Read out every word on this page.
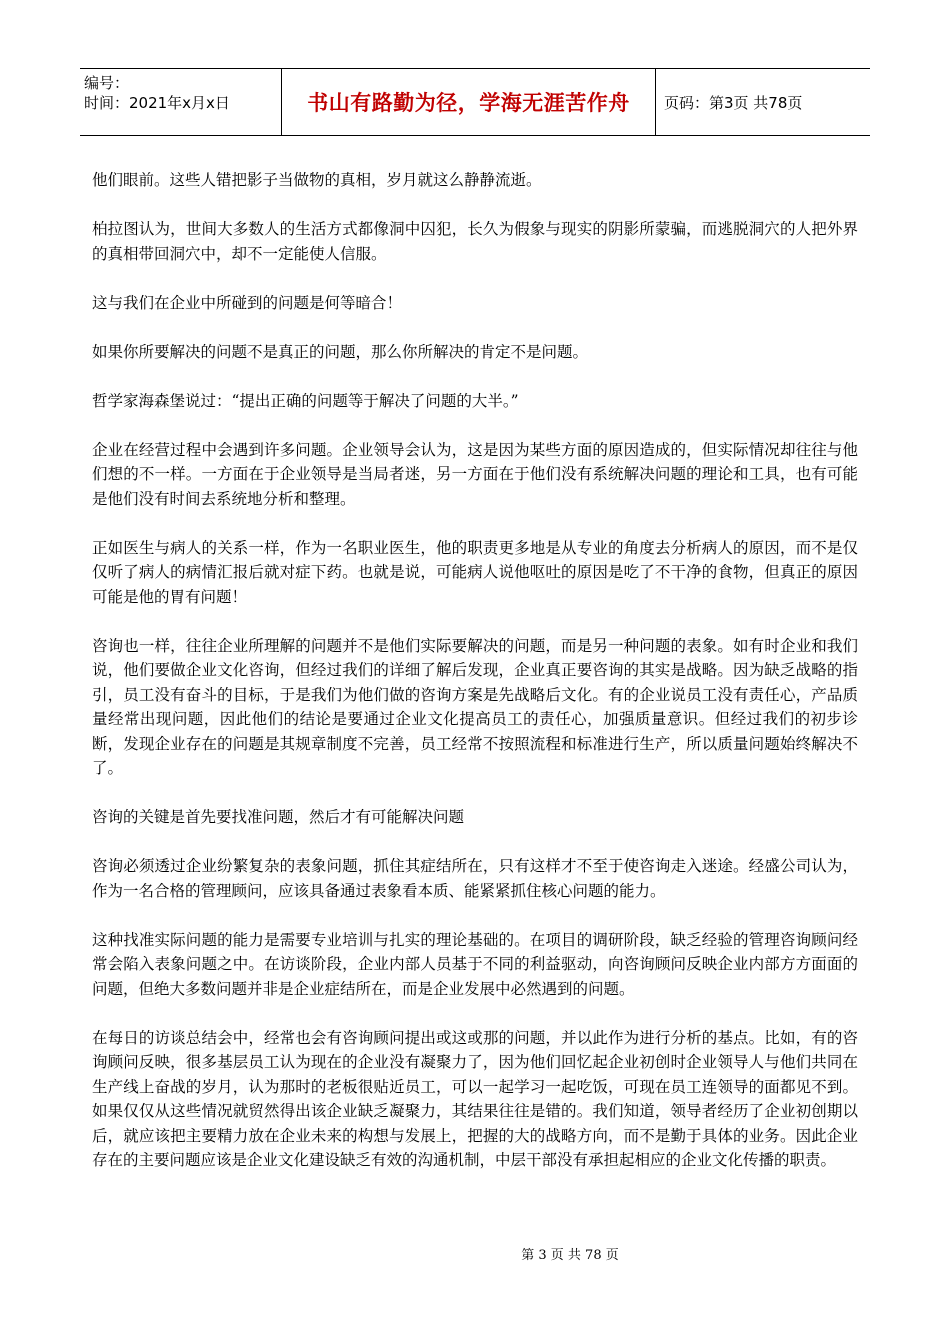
编号：
时间：2021年x月x日	书山有路勤为径，学海无涯苦作舟	页码：第3页 共78页

他们眼前。这些人错把影子当做物的真相，岁月就这么静静流逝。

柏拉图认为，世间大多数人的生活方式都像洞中囚犯，长久为假象与现实的阴影所蒙骗，而逃脱洞穴的人把外界的真相带回洞穴中，却不一定能使人信服。

这与我们在企业中所碰到的问题是何等暗合！

如果你所要解决的问题不是真正的问题，那么你所解决的肯定不是问题。

哲学家海森堡说过：“提出正确的问题等于解决了问题的大半。”

企业在经营过程中会遇到许多问题。企业领导会认为，这是因为某些方面的原因造成的，但实际情况却往往与他们想的不一样。一方面在于企业领导是当局者迷，另一方面在于他们没有系统解决问题的理论和工具，也有可能是他们没有时间去系统地分析和整理。

正如医生与病人的关系一样，作为一名职业医生，他的职责更多地是从专业的角度去分析病人的原因，而不是仅仅听了病人的病情汇报后就对症下药。也就是说，可能病人说他呕吐的原因是吃了不干净的食物，但真正的原因可能是他的胃有问题！

咨询也一样，往往企业所理解的问题并不是他们实际要解决的问题，而是另一种问题的表象。如有时企业和我们说，他们要做企业文化咨询，但经过我们的详细了解后发现，企业真正要咨询的其实是战略。因为缺乏战略的指引，员工没有奋斗的目标，于是我们为他们做的咨询方案是先战略后文化。有的企业说员工没有责任心，产品质量经常出现问题，因此他们的结论是要通过企业文化提高员工的责任心，加强质量意识。但经过我们的初步诊断，发现企业存在的问题是其规章制度不完善，员工经常不按照流程和标准进行生产，所以质量问题始终解决不了。

咨询的关键是首先要找准问题，然后才有可能解决问题

咨询必须透过企业纷繁复杂的表象问题，抓住其症结所在，只有这样才不至于使咨询走入迷途。经盛公司认为，作为一名合格的管理顾问，应该具备通过表象看本质、能紧紧抓住核心问题的能力。

这种找准实际问题的能力是需要专业培训与扎实的理论基础的。在项目的调研阶段，缺乏经验的管理咨询顾问经常会陷入表象问题之中。在访谈阶段，企业内部人员基于不同的利益驱动，向咨询顾问反映企业内部方方面面的问题，但绝大多数问题并非是企业症结所在，而是企业发展中必然遇到的问题。

在每日的访谈总结会中，经常也会有咨询顾问提出或这或那的问题，并以此作为进行分析的基点。比如，有的咨询顾问反映，很多基层员工认为现在的企业没有凝聚力了，因为他们回忆起企业初创时企业领导人与他们共同在生产线上奋战的岁月，认为那时的老板很贴近员工，可以一起学习一起吃饭，可现在员工连领导的面都见不到。如果仅仅从这些情况就贸然得出该企业缺乏凝聚力，其结果往往是错的。我们知道，领导者经历了企业初创期以后，就应该把主要精力放在企业未来的构想与发展上，把握的大的战略方向，而不是勤于具体的业务。因此企业存在的主要问题应该是企业文化建设缺乏有效的沟通机制，中层干部没有承担起相应的企业文化传播的职责。

第 3 页 共 78 页
